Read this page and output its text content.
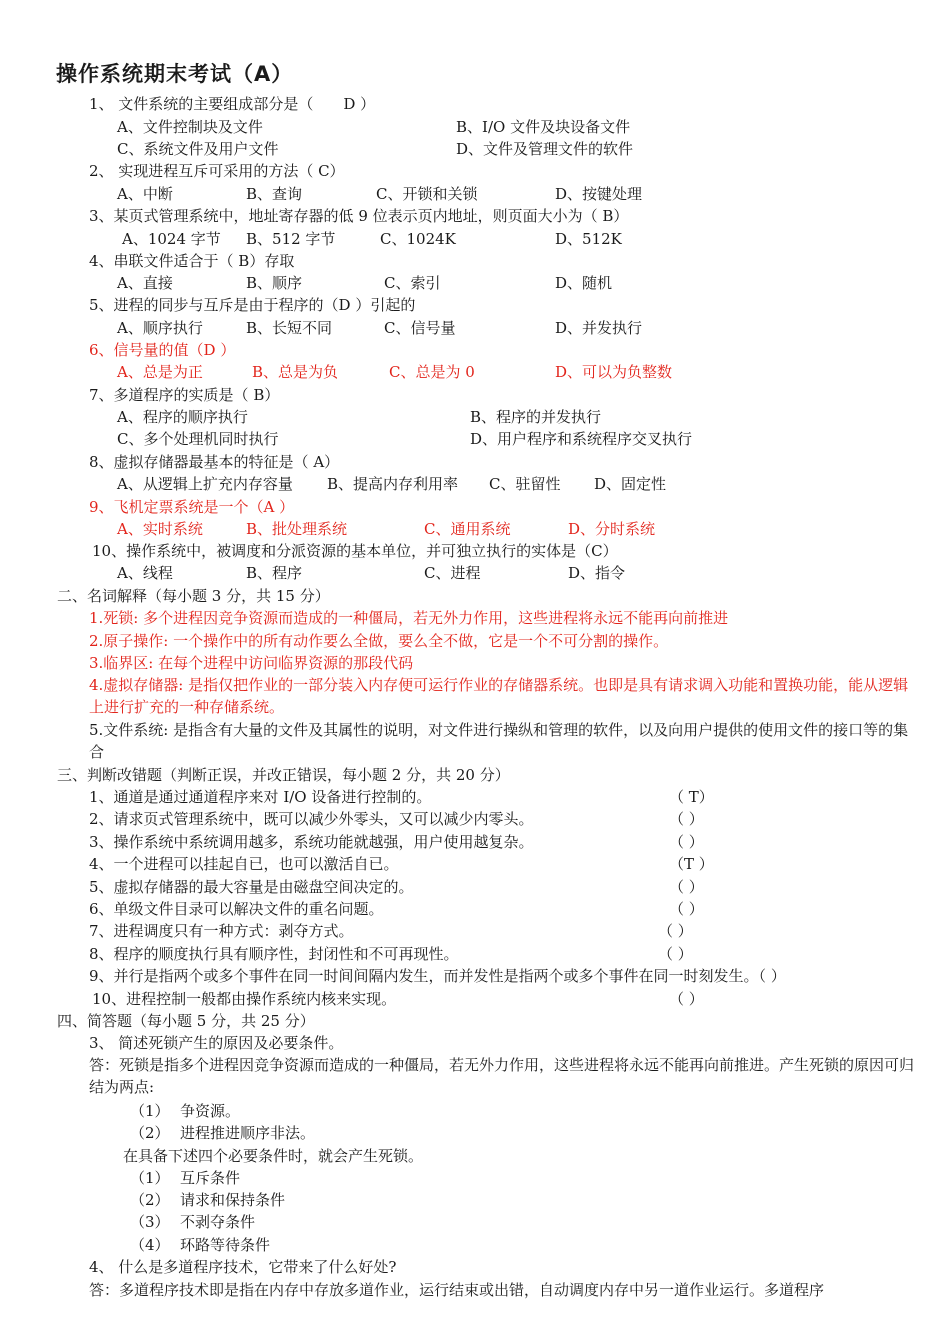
操作系统期末考试（A）
1、 文件系统的主要组成部分是（　　D ）
A、文件控制块及文件	B、I/O 文件及块设备文件
C、系统文件及用户文件	D、文件及管理文件的软件
2、 实现进程互斥可采用的方法（ C）
A、中断	B、查询	C、开锁和关锁	D、按键处理
3、某页式管理系统中，地址寄存器的低 9 位表示页内地址，则页面大小为（ B）
A、1024 字节 B、512 字节	C、1024K	D、512K
4、串联文件适合于（ B）存取
A、直接	B、顺序	C、索引	D、随机
5、进程的同步与互斥是由于程序的（D ）引起的
A、顺序执行	B、长短不同	C、信号量	D、并发执行
6、信号量的值（D ）
A、总是为正	B、总是为负	C、总是为 0	D、可以为负整数
7、多道程序的实质是（ B）
A、程序的顺序执行	B、程序的并发执行
C、多个处理机同时执行	D、用户程序和系统程序交叉执行
8、虚拟存储器最基本的特征是（ A）
A、从逻辑上扩充内存容量 B、提高内存利用率 C、驻留性 D、固定性
9、飞机定票系统是一个（A ）
A、实时系统	B、批处理系统	C、通用系统	D、分时系统
10、操作系统中，被调度和分派资源的基本单位，并可独立执行的实体是（C）
A、线程	B、程序	C、进程	D、指令
二、名词解释（每小题 3 分，共 15 分）
1.死锁: 多个进程因竞争资源而造成的一种僵局，若无外力作用，这些进程将永远不能再向前推进
2.原子操作: 一个操作中的所有动作要么全做，要么全不做，它是一个不可分割的操作。
3.临界区: 在每个进程中访问临界资源的那段代码
4.虚拟存储器: 是指仅把作业的一部分装入内存便可运行作业的存储器系统。也即是具有请求调入功能和置换功能，能从逻辑上进行扩充的一种存储系统。
5.文件系统: 是指含有大量的文件及其属性的说明，对文件进行操纵和管理的软件，以及向用户提供的使用文件的接口等的集合
三、判断改错题（判断正误，并改正错误，每小题 2 分，共 20 分）
1、通道是通过通道程序来对 I/O 设备进行控制的。	（ T）
2、请求页式管理系统中，既可以减少外零头，又可以减少内零头。	（ ）
3、操作系统中系统调用越多，系统功能就越强，用户使用越复杂。	（ ）
4、一个进程可以挂起自已，也可以激活自已。	（T ）
5、虚拟存储器的最大容量是由磁盘空间决定的。	（ ）
6、单级文件目录可以解决文件的重名问题。	（ ）
7、进程调度只有一种方式：剥夺方式。	（ ）
8、程序的顺度执行具有顺序性，封闭性和不可再现性。	（ ）
9、并行是指两个或多个事件在同一时间间隔内发生，而并发性是指两个或多个事件在同一时刻发生。（ ）
10、进程控制一般都由操作系统内核来实现。	（ ）
四、简答题（每小题 5 分，共 25 分）
3、 简述死锁产生的原因及必要条件。
答：死锁是指多个进程因竞争资源而造成的一种僵局，若无外力作用，这些进程将永远不能再向前推进。产生死锁的原因可归结为两点:
（1） 争资源。
（2） 进程推进顺序非法。
在具备下述四个必要条件时，就会产生死锁。
（1） 互斥条件
（2） 请求和保持条件
（3） 不剥夺条件
（4） 环路等待条件
4、 什么是多道程序技术，它带来了什么好处?
答：多道程序技术即是指在内存中存放多道作业，运行结束或出错，自动调度内存中另一道作业运行。多道程序
